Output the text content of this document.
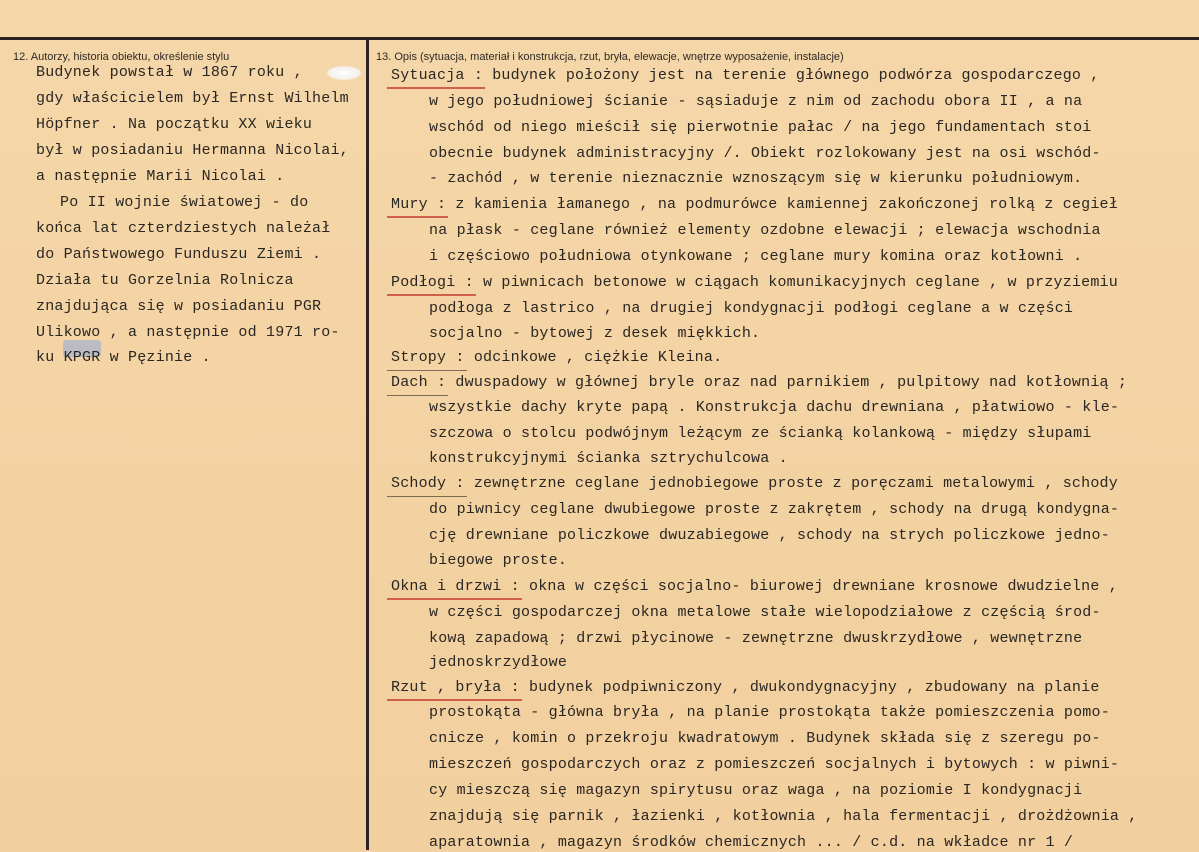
12. Autorzy, historia obiektu, określenie stylu	13. Opis (sytuacja, materiał i konstrukcja, rzut, bryła, elewacje, wnętrze wyposażenie, instalacje)
Budynek powstał w 1867 roku ,
gdy właścicielem był Ernst Wilhelm
Höpfner . Na początku XX wieku
był w posiadaniu Hermanna Nicolai,
a następnie Marii Nicolai .
Po II wojnie światowej - do
końca lat czterdziestych należał
do Państwowego Funduszu Ziemi .
Działa tu Gorzelnia Rolnicza
znajdująca się w posiadaniu PGR
Ulikowo , a następnie od 1971 ro-
ku KPGR w Pęzinie .
Sytuacja : budynek położony jest na terenie głównego podwórza gospodarczego ,
w jego południowej ścianie - sąsiaduje z nim od zachodu obora II , a na
wschód od niego mieścił się pierwotnie pałac / na jego fundamentach stoi
obecnie budynek administracyjny /. Obiekt rozlokowany jest na osi wschód-
- zachód , w terenie nieznacznie wznoszącym się w kierunku południowym.
Mury : z kamienia łamanego , na podmurówce kamiennej zakończonej rolką z cegieł
na płask - ceglane również elementy ozdobne elewacji ; elewacja wschodnia
i częściowo południowa otynkowane ; ceglane mury komina oraz kotłowni .
Podłogi : w piwnicach betonowe w ciągach komunikacyjnych ceglane , w przyziemiu
podłoga z lastrico , na drugiej kondygnacji podłogi ceglane a w części
socjalno - bytowej z desek miękkich.
Stropy : odcinkowe , ciężkie Kleina.
Dach : dwuspadowy w głównej bryle oraz nad parnikiem , pulpitowy nad kotłownią ;
wszystkie dachy kryte papą . Konstrukcja dachu drewniana , płatwiowo - kle-
szczowa o stolcu podwójnym leżącym ze ścianką kolankową - między słupami
konstrukcyjnymi ścianka sztrychulcowa .
Schody : zewnętrzne ceglane jednobiegowe proste z poręczami metalowymi , schody
do piwnicy ceglane dwubiegowe proste z zakrętem , schody na drugą kondygna-
cję drewniane policzkowe dwuzabiegowe , schody na strych policzkowe jedno-
biegowe proste.
Okna i drzwi : okna w części socjalno- biurowej drewniane krosnowe dwudzielne ,
w części gospodarczej okna metalowe stałe wielopodziałowe z częścią środ-
kową zapadową ; drzwi płycinowe - zewnętrzne dwuskrzydłowe , wewnętrzne
jednoskrzydłowe
Rzut , bryła : budynek podpiwniczony , dwukondygnacyjny , zbudowany na planie
prostokąta - główna bryła , na planie prostokąta także pomieszczenia pomo-
cnicze , komin o przekroju kwadratowym . Budynek składa się z szeregu po-
mieszczeń gospodarczych oraz z pomieszczeń socjalnych i bytowych : w piwni-
cy mieszczą się magazyn spirytusu oraz waga , na poziomie I kondygnacji
znajdują się parnik , łazienki , kotłownia , hala fermentacji , drożdżownia ,
aparatownia , magazyn środków chemicznych ... / c.d. na wkładce nr 1 /
